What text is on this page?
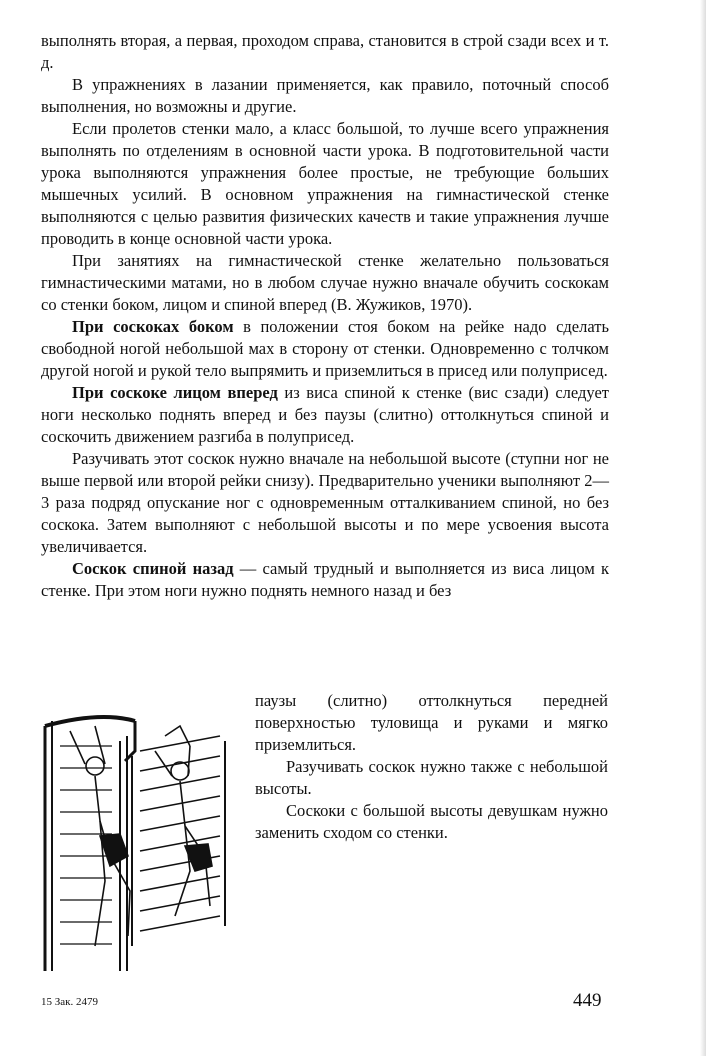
выполнять вторая, а первая, проходом справа, становится в строй сзади всех и т. д.

В упражнениях в лазании применяется, как правило, поточный способ выполнения, но возможны и другие.

Если пролетов стенки мало, а класс большой, то лучше всего упражнения выполнять по отделениям в основной части урока. В подготовительной части урока выполняются упражнения более простые, не требующие больших мышечных усилий. В основном упражнения на гимнастической стенке выполняются с целью развития физических качеств и такие упражнения лучше проводить в конце основной части урока.

При занятиях на гимнастической стенке желательно пользоваться гимнастическими матами, но в любом случае нужно вначале обучить соскокам со стенки боком, лицом и спиной вперед (В. Жужиков, 1970).

При соскоках боком в положении стоя боком на рейке надо сделать свободной ногой небольшой мах в сторону от стенки. Одновременно с толчком другой ногой и рукой тело выпрямить и приземлиться в присед или полуприсед.

При соскоке лицом вперед из виса спиной к стенке (вис сзади) следует ноги несколько поднять вперед и без паузы (слитно) оттолкнуться спиной и соскочить движением разгиба в полуприсед.

Разучивать этот соскок нужно вначале на небольшой высоте (ступни ног не выше первой или второй рейки снизу). Предварительно ученики выполняют 2—3 раза подряд опускание ног с одновременным отталкиванием спиной, но без соскока. Затем выполняют с небольшой высоты и по мере усвоения высота увеличивается.

Соскок спиной назад — самый трудный и выполняется из виса лицом к стенке. При этом ноги нужно поднять немного назад и без

паузы (слитно) оттолкнуться передней поверхностью туловища и руками и мягко приземлиться.

Разучивать соскок нужно также с небольшой высоты.

Соскоки с большой высоты девушкам нужно заменить сходом со стенки.

15 Зак. 2479	449
